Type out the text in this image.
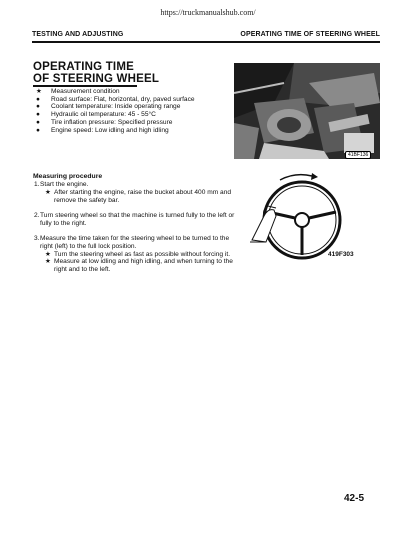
https://truckmanualshub.com/
TESTING AND ADJUSTING	OPERATING TIME OF STEERING WHEEL
OPERATING TIME
OF STEERING WHEEL
★	Measurement condition
●	Road surface: Flat, horizontal, dry, paved surface
●	Coolant temperature: Inside operating range
●	Hydraulic oil temperature: 45 - 55°C
●	Tire inflation pressure: Specified pressure
●	Engine speed: Low idling and high idling
41BF136
Measuring procedure
1. Start the engine.
★ After starting the engine, raise the bucket about 400 mm and remove the safety bar.
2. Turn steering wheel so that the machine is turned fully to the left or fully to the right.
3. Measure the time taken for the steering wheel to be turned to the right (left) to the full lock position.
★ Turn the steering wheel as fast as possible without forcing it.
★ Measure at low idling and high idling, and when turning to the right and to the left.
419F303
42-5
